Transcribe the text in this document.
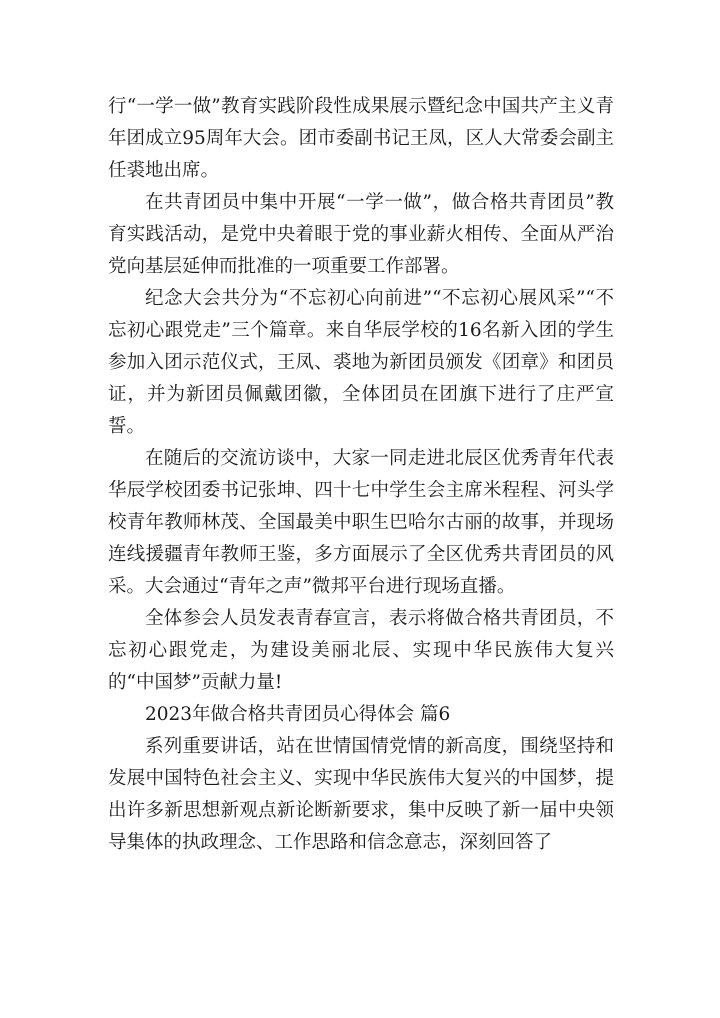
行“一学一做”教育实践阶段性成果展示暨纪念中国共产主义青年团成立95周年大会。团市委副书记王凤，区人大常委会副主任裘地出席。

在共青团员中集中开展“一学一做”，做合格共青团员”教育实践活动，是党中央着眼于党的事业薪火相传、全面从严治党向基层延伸而批准的一项重要工作部署。

纪念大会共分为“不忘初心向前进”“不忘初心展风采”“不忘初心跟党走”三个篇章。来自华辰学校的16名新入团的学生参加入团示范仪式，王凤、裘地为新团员颁发《团章》和团员证，并为新团员佩戴团徽，全体团员在团旗下进行了庄严宣誓。

在随后的交流访谈中，大家一同走进北辰区优秀青年代表华辰学校团委书记张坤、四十七中学生会主席米程程、河头学校青年教师林茂、全国最美中职生巴哈尔古丽的故事，并现场连线援疆青年教师王鉴，多方面展示了全区优秀共青团员的风采。大会通过“青年之声”微邦平台进行现场直播。

全体参会人员发表青春宣言，表示将做合格共青团员，不忘初心跟党走，为建设美丽北辰、实现中华民族伟大复兴的“中国梦”贡献力量!

2023年做合格共青团员心得体会 篇6

系列重要讲话，站在世情国情党情的新高度，围绕坚持和发展中国特色社会主义、实现中华民族伟大复兴的中国梦，提出许多新思想新观点新论断新要求，集中反映了新一届中央领导集体的执政理念、工作思路和信念意志，深刻回答了
